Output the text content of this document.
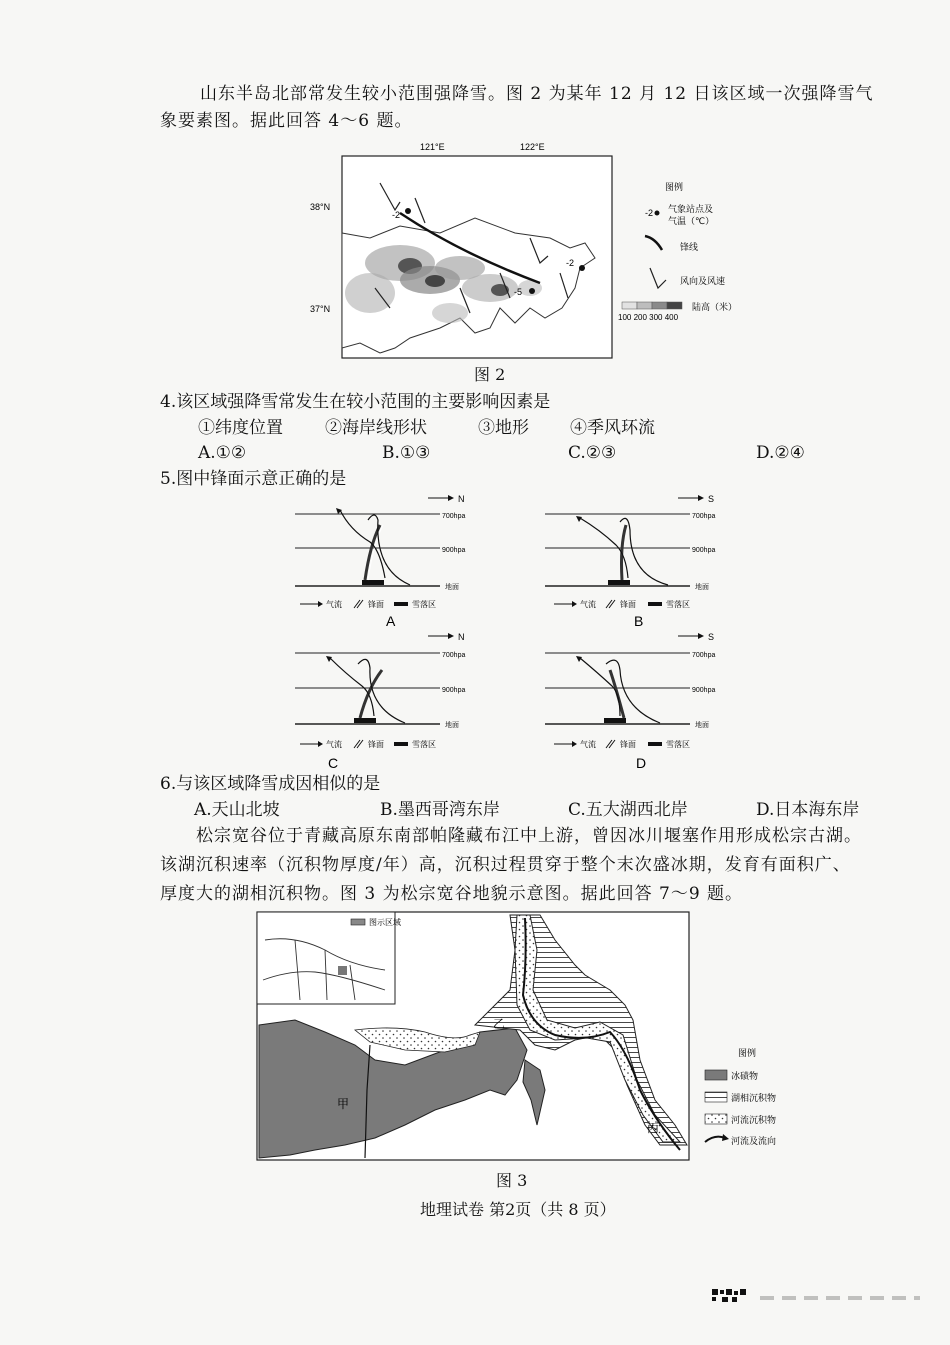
山东半岛北部常发生较小范围强降雪。图 2 为某年 12 月 12 日该区域一次强降雪气
象要素图。据此回答 4～6 题。
-2
-2
-5
121°E	122°E
38°N
37°N
图例
-2 气象站点及
气温（℃）
锋线
风向及风速
100 200 300 400
陆高（米）
图 2
4.该区域强降雪常发生在较小范围的主要影响因素是
①纬度位置 ②海岸线形状	③地形 ④季风环流
A.①②	B.①③	C.②③	D.②④
5.图中锋面示意正确的是
N
700hpa
900hpa
地面
气流	锋面	雪落区
A
S
700hpa
900hpa
地面
气流	锋面	雪落区
B
N
700hpa
900hpa
地面
气流	锋面	雪落区
C
S
700hpa
900hpa
地面
气流	锋面	雪落区
D
6.与该区域降雪成因相似的是
A.天山北坡	B.墨西哥湾东岸	C.五大湖西北岸	D.日本海东岸
松宗宽谷位于青藏高原东南部帕隆藏布江中上游，曾因冰川堰塞作用形成松宗古湖。
该湖沉积速率（沉积物厚度/年）高，沉积过程贯穿于整个末次盛冰期，发育有面积广、
厚度大的湖相沉积物。图 3 为松宗宽谷地貌示意图。据此回答 7～9 题。
图示区域
甲
乙
丙
图例
冰碛物
湖相沉积物
河流沉积物
河流及流向
图 3
地理试卷 第2页（共 8 页）
